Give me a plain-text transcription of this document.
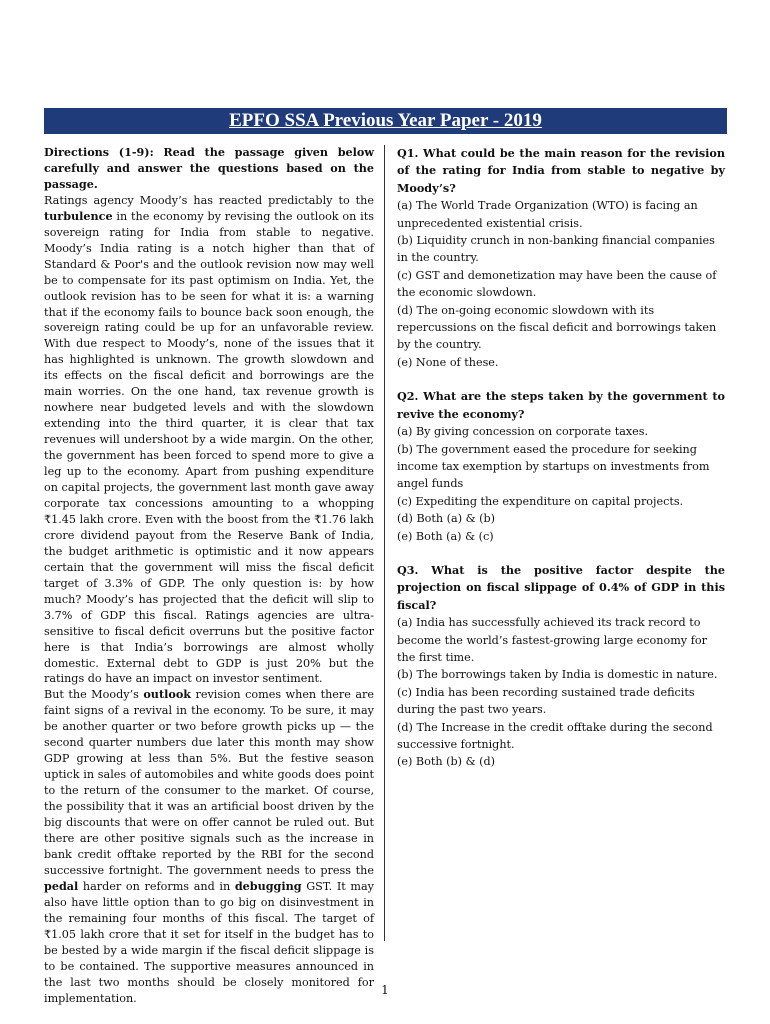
EPFO SSA Previous Year Paper - 2019

Directions (1-9): Read the passage given below carefully and answer the questions based on the passage.

Ratings agency Moody’s has reacted predictably to the turbulence in the economy by revising the outlook on its sovereign rating for India from stable to negative. Moody’s India rating is a notch higher than that of Standard & Poor's and the outlook revision now may well be to compensate for its past optimism on India. Yet, the outlook revision has to be seen for what it is: a warning that if the economy fails to bounce back soon enough, the sovereign rating could be up for an unfavorable review. With due respect to Moody’s, none of the issues that it has highlighted is unknown. The growth slowdown and its effects on the fiscal deficit and borrowings are the main worries. On the one hand, tax revenue growth is nowhere near budgeted levels and with the slowdown extending into the third quarter, it is clear that tax revenues will undershoot by a wide margin. On the other, the government has been forced to spend more to give a leg up to the economy. Apart from pushing expenditure on capital projects, the government last month gave away corporate tax concessions amounting to a whopping ₹1.45 lakh crore. Even with the boost from the ₹1.76 lakh crore dividend payout from the Reserve Bank of India, the budget arithmetic is optimistic and it now appears certain that the government will miss the fiscal deficit target of 3.3% of GDP. The only question is: by how much? Moody’s has projected that the deficit will slip to 3.7% of GDP this fiscal. Ratings agencies are ultra-sensitive to fiscal deficit overruns but the positive factor here is that India’s borrowings are almost wholly domestic. External debt to GDP is just 20% but the ratings do have an impact on investor sentiment.

But the Moody’s outlook revision comes when there are faint signs of a revival in the economy. To be sure, it may be another quarter or two before growth picks up — the second quarter numbers due later this month may show GDP growing at less than 5%. But the festive season uptick in sales of automobiles and white goods does point to the return of the consumer to the market. Of course, the possibility that it was an artificial boost driven by the big discounts that were on offer cannot be ruled out. But there are other positive signals such as the increase in bank credit offtake reported by the RBI for the second successive fortnight. The government needs to press the pedal harder on reforms and in debugging GST. It may also have little option than to go big on disinvestment in the remaining four months of this fiscal. The target of ₹1.05 lakh crore that it set for itself in the budget has to be bested by a wide margin if the fiscal deficit slippage is to be contained. The supportive measures announced in the last two months should be closely monitored for implementation.

Q1. What could be the main reason for the revision of the rating for India from stable to negative by Moody’s?

(a) The World Trade Organization (WTO) is facing an unprecedented existential crisis.

(b) Liquidity crunch in non-banking financial companies in the country.

(c) GST and demonetization may have been the cause of the economic slowdown.

(d) The on-going economic slowdown with its repercussions on the fiscal deficit and borrowings taken by the country.

(e) None of these.

Q2. What are the steps taken by the government to revive the economy?

(a) By giving concession on corporate taxes.

(b) The government eased the procedure for seeking income tax exemption by startups on investments from angel funds

(c) Expediting the expenditure on capital projects.

(d) Both (a) & (b)

(e) Both (a) & (c)

Q3. What is the positive factor despite the projection on fiscal slippage of 0.4% of GDP in this fiscal?

(a) India has successfully achieved its track record to become the world’s fastest-growing large economy for the first time.

(b) The borrowings taken by India is domestic in nature.

(c) India has been recording sustained trade deficits during the past two years.

(d) The Increase in the credit offtake during the second successive fortnight.

(e) Both (b) & (d)

1
